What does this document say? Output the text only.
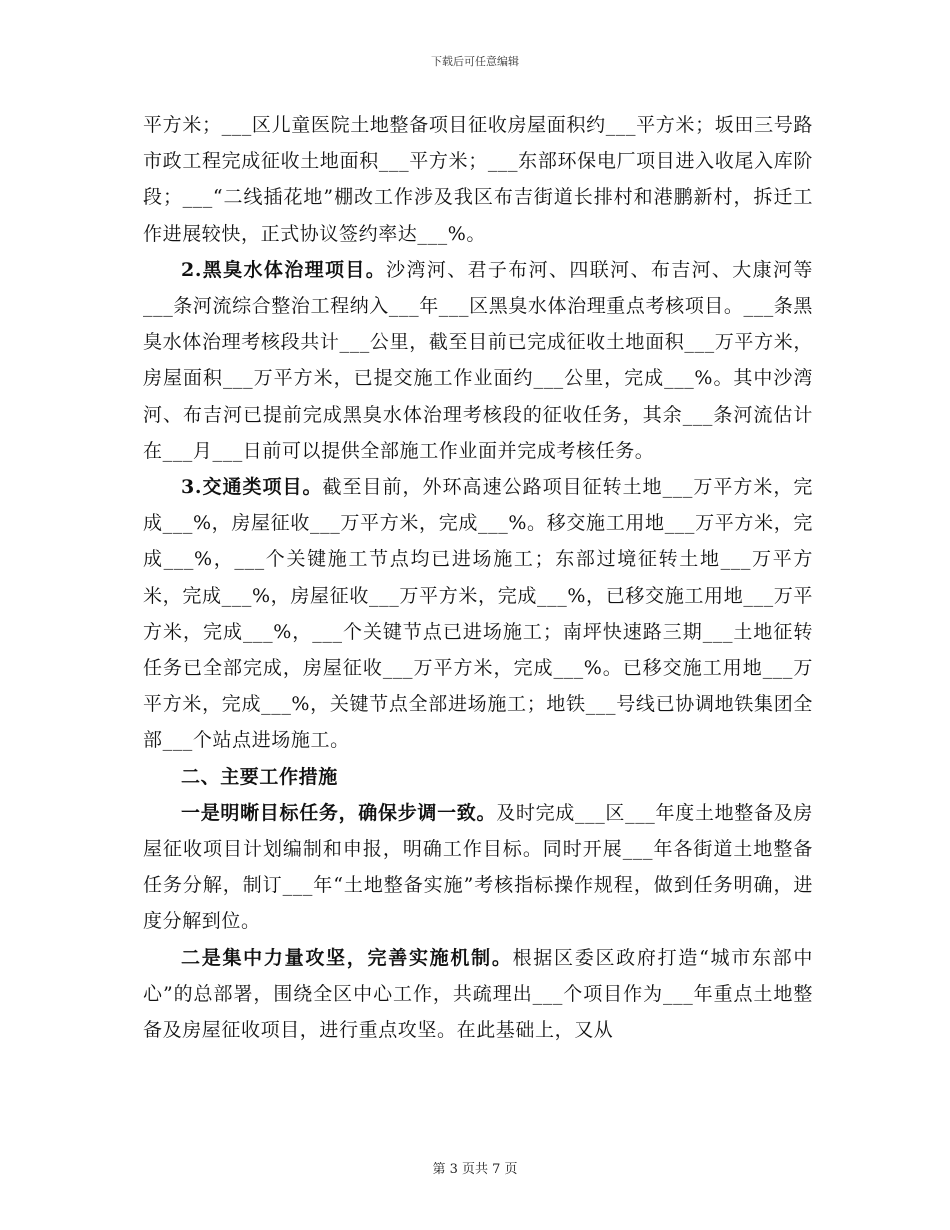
下载后可任意编辑

平方米；___区儿童医院土地整备项目征收房屋面积约___平方米；坂田三号路市政工程完成征收土地面积___平方米；___东部环保电厂项目进入收尾入库阶段；___“二线插花地”棚改工作涉及我区布吉街道长排村和港鹏新村，拆迁工作进展较快，正式协议签约率达___%。

2.黑臭水体治理项目。沙湾河、君子布河、四联河、布吉河、大康河等___条河流综合整治工程纳入___年___区黑臭水体治理重点考核项目。___条黑臭水体治理考核段共计___公里，截至目前已完成征收土地面积___万平方米，房屋面积___万平方米，已提交施工作业面约___公里，完成___%。其中沙湾河、布吉河已提前完成黑臭水体治理考核段的征收任务，其余___条河流估计在___月___日前可以提供全部施工作业面并完成考核任务。

3.交通类项目。截至目前，外环高速公路项目征转土地___万平方米，完成___%，房屋征收___万平方米，完成___%。移交施工用地___万平方米，完成___%，___个关键施工节点均已进场施工；东部过境征转土地___万平方米，完成___%，房屋征收___万平方米，完成___%，已移交施工用地___万平方米，完成___%，___个关键节点已进场施工；南坪快速路三期___土地征转任务已全部完成，房屋征收___万平方米，完成___%。已移交施工用地___万平方米，完成___%，关键节点全部进场施工；地铁___号线已协调地铁集团全部___个站点进场施工。

二、主要工作措施

一是明晰目标任务，确保步调一致。及时完成___区___年度土地整备及房屋征收项目计划编制和申报，明确工作目标。同时开展___年各街道土地整备任务分解，制订___年“土地整备实施”考核指标操作规程，做到任务明确，进度分解到位。

二是集中力量攻坚，完善实施机制。根据区委区政府打造“城市东部中心”的总部署，围绕全区中心工作，共疏理出___个项目作为___年重点土地整备及房屋征收项目，进行重点攻坚。在此基础上，又从

第 3 页共 7 页
